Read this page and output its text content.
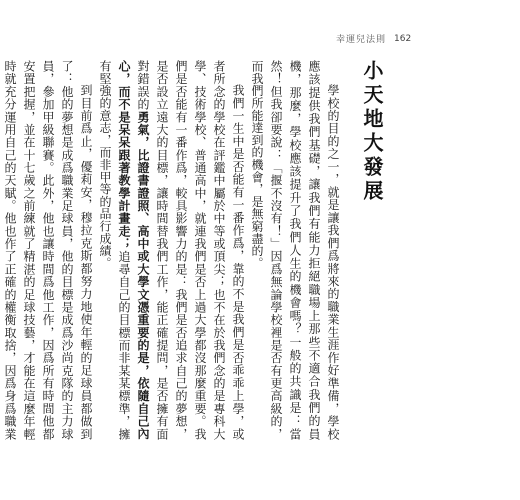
幸運兒法則 162
小天地大發展

學校的目的之一，就是讓我們爲將來的職業生涯作好準備，學校應該提供我們基礎，讓我們有能力拒絕職場上那些不適合我們的員機，那麼，學校應該提升了我們人生的機會嗎？一般的共識是：當然！但我卻要說：「揠不沒有！」因爲無論學校裡是否有更高級的，而我們所能達到的機會，是無窮盡的。

我們一生中是否能有一番作爲，靠的不是我們是否乖乖上學，或者所念的學校在評鑑中屬於中等或頂尖；也不在於我們念的是專科大學、技術學校、普通高中，就連我們是否上過大學都沒那麼重要。我們是否能有一番作爲，較具影響力的是：我們是否追求自己的夢想，是否設立遠大的目標，讓時間替我們工作，能正確提問，是否擁有面對錯誤的勇氣，比證書證照、高中或大學文憑重要的是，依隨自己內心，而不是呆呆跟著教學計畫走；追尋自己的目標而非某某標準，擁有堅強的意志，而非甲等的品行成績。

到目前爲止，優莉安，穆拉克斯都努力地使年輕的足球員都做到了：他的夢想是成爲職業足球員，他的目標是成爲沙尚克隊的主力球員，參加甲級聯賽。此外，他也讓時間爲他工作，因爲所有時間他都安置把握，並在十七歲之前練就了精湛的足球技藝，才能在這麼年輕時就充分運用自己的天賦。他也作了正確的權衡取捨，因爲身爲職業
